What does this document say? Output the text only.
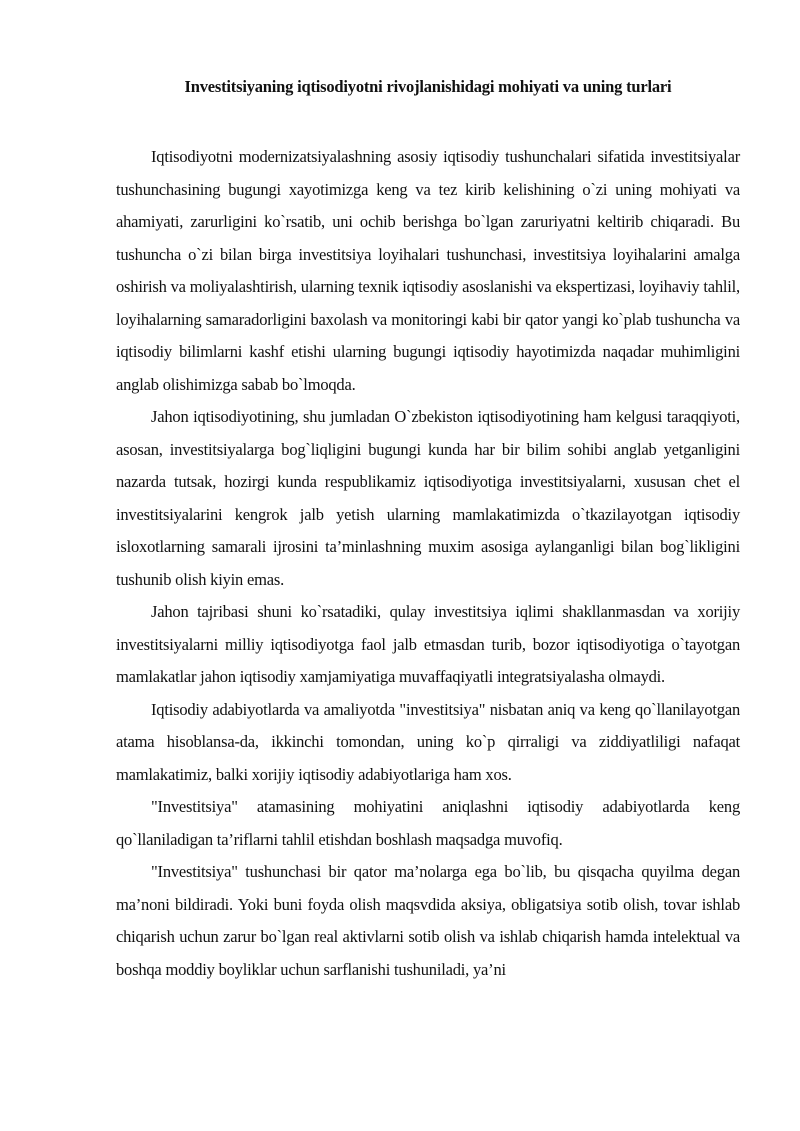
Investitsiyaning iqtisodiyotni rivojlanishidagi mohiyati va uning turlari

Iqtisodiyotni modernizatsiyalashning asosiy iqtisodiy tushunchalari sifatida investitsiyalar tushunchasining bugungi xayotimizga keng va tez kirib kelishining o`zi uning mohiyati va ahamiyati, zarurligini ko`rsatib, uni ochib berishga bo`lgan zaruriyatni keltirib chiqaradi. Bu tushuncha o`zi bilan birga investitsiya loyihalari tushunchasi, investitsiya loyihalarini amalga oshirish va moliyalashtirish, ularning texnik iqtisodiy asoslanishi va ekspertizasi, loyihaviy tahlil, loyihalarning samaradorligini baxolash va monitoringi kabi bir qator yangi ko`plab tushuncha va iqtisodiy bilimlarni kashf etishi ularning bugungi iqtisodiy hayotimizda naqadar muhimligini anglab olishimizga sabab bo`lmoqda.

Jahon iqtisodiyotining, shu jumladan O`zbekiston iqtisodiyotining ham kelgusi taraqqiyoti, asosan, investitsiyalarga bog`liqligini bugungi kunda har bir bilim sohibi anglab yetganligini nazarda tutsak, hozirgi kunda respublikamiz iqtisodiyotiga investitsiyalarni, xususan chet el investitsiyalarini kengrok jalb yetish ularning mamlakatimizda o`tkazilayotgan iqtisodiy isloxotlarning samarali ijrosini ta’minlashning muxim asosiga aylanganligi bilan bog`likligini tushunib olish kiyin emas.

Jahon tajribasi shuni ko`rsatadiki, qulay investitsiya iqlimi shakllanmasdan va xorijiy investitsiyalarni milliy iqtisodiyotga faol jalb etmasdan turib, bozor iqtisodiyotiga o`tayotgan mamlakatlar jahon iqtisodiy xamjamiyatiga muvaffaqiyatli integratsiyalasha olmaydi.

Iqtisodiy adabiyotlarda va amaliyotda "investitsiya" nisbatan aniq va keng qo`llanilayotgan atama hisoblansa-da, ikkinchi tomondan, uning ko`p qirraligi va ziddiyatliligi nafaqat mamlakatimiz, balki xorijiy iqtisodiy adabiyotlariga ham xos.

"Investitsiya" atamasining mohiyatini aniqlashni iqtisodiy adabiyotlarda keng qo`llaniladigan ta’riflarni tahlil etishdan boshlash maqsadga muvofiq.

"Investitsiya" tushunchasi bir qator ma’nolarga ega bo`lib, bu qisqacha quyilma degan ma’noni bildiradi. Yoki buni foyda olish maqsvdida aksiya, obligatsiya sotib olish, tovar ishlab chiqarish uchun zarur bo`lgan real aktivlarni sotib olish va ishlab chiqarish hamda intelektual va boshqa moddiy boyliklar uchun sarflanishi tushuniladi, ya’ni
